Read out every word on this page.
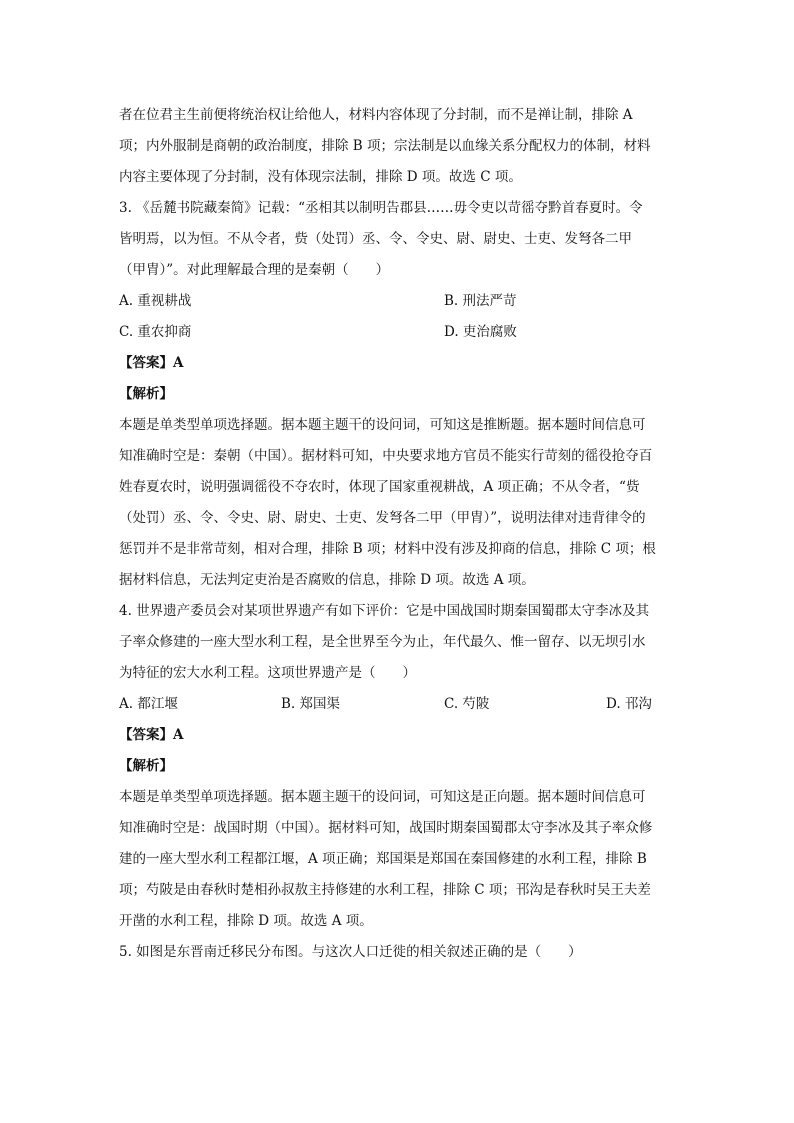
者在位君主生前便将统治权让给他人，材料内容体现了分封制，而不是禅让制，排除 A

项；内外服制是商朝的政治制度，排除 B 项；宗法制是以血缘关系分配权力的体制，材料

内容主要体现了分封制，没有体现宗法制，排除 D 项。故选 C 项。

3. 《岳麓书院藏秦简》记载：“丞相其以制明告郡县……毋令吏以苛徭夺黔首春夏时。令

皆明焉，以为恒。不从令者，赀（处罚）丞、令、令史、尉、尉史、士吏、发弩各二甲

（甲胄）”。对此理解最合理的是秦朝（　　）

A. 重视耕战	B. 刑法严苛
C. 重农抑商	D. 吏治腐败

【答案】A

【解析】

本题是单类型单项选择题。据本题主题干的设问词，可知这是推断题。据本题时间信息可

知准确时空是：秦朝（中国）。据材料可知，中央要求地方官员不能实行苛刻的徭役抢夺百

姓春夏农时，说明强调徭役不夺农时，体现了国家重视耕战，A 项正确；不从令者，“赀

（处罚）丞、令、令史、尉、尉史、士吏、发弩各二甲（甲胄）”，说明法律对违背律令的

惩罚并不是非常苛刻，相对合理，排除 B 项；材料中没有涉及抑商的信息，排除 C 项；根

据材料信息，无法判定吏治是否腐败的信息，排除 D 项。故选 A 项。

4. 世界遗产委员会对某项世界遗产有如下评价：它是中国战国时期秦国蜀郡太守李冰及其

子率众修建的一座大型水利工程，是全世界至今为止，年代最久、惟一留存、以无坝引水

为特征的宏大水利工程。这项世界遗产是（　　）

A. 都江堰	B. 郑国渠	C. 芍陂	D. 邗沟

【答案】A

【解析】

本题是单类型单项选择题。据本题主题干的设问词，可知这是正向题。据本题时间信息可

知准确时空是：战国时期（中国）。据材料可知，战国时期秦国蜀郡太守李冰及其子率众修

建的一座大型水利工程都江堰，A 项正确；郑国渠是郑国在秦国修建的水利工程，排除 B

项；芍陂是由春秋时楚相孙叔敖主持修建的水利工程，排除 C 项；邗沟是春秋时吴王夫差

开凿的水利工程，排除 D 项。故选 A 项。

5. 如图是东晋南迁移民分布图。与这次人口迁徙的相关叙述正确的是（　　）
